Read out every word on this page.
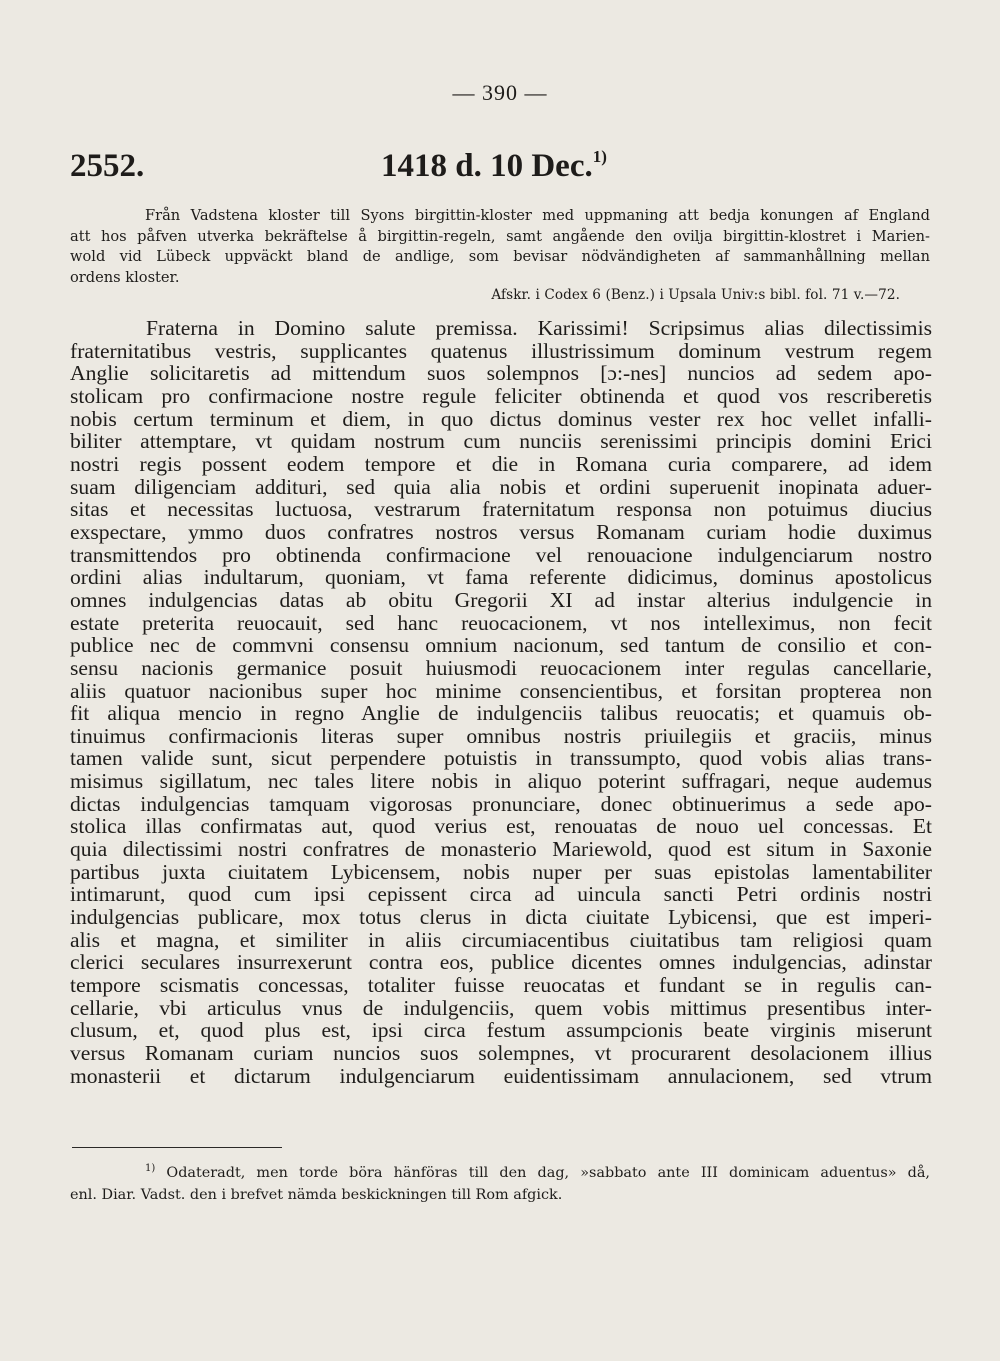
— 390 —
2552.	1418 d. 10 Dec.$^{1)}$
Från Vadstena kloster till Syons birgittin-kloster med uppmaning att bedja konungen af England
att hos påfven utverka bekräftelse å birgittin-regeln, samt angående den ovilja birgittin-klostret i Marien-
wold vid Lübeck uppväckt bland de andlige, som bevisar nödvändigheten af sammanhållning mellan
ordens kloster.
Afskr. i Codex 6 (Benz.) i Upsala Univ:s bibl. fol. 71 v.—72.
Fraterna in Domino salute premissa. Karissimi! Scripsimus alias dilectissimis
fraternitatibus vestris, supplicantes quatenus illustrissimum dominum vestrum regem
Anglie solicitaretis ad mittendum suos solempnos [ɔ:-nes] nuncios ad sedem apo-
stolicam pro confirmacione nostre regule feliciter obtinenda et quod vos rescriberetis
nobis certum terminum et diem, in quo dictus dominus vester rex hoc vellet infalli-
biliter attemptare, vt quidam nostrum cum nunciis serenissimi principis domini Erici
nostri regis possent eodem tempore et die in Romana curia comparere, ad idem
suam diligenciam addituri, sed quia alia nobis et ordini superuenit inopinata aduer-
sitas et necessitas luctuosa, vestrarum fraternitatum responsa non potuimus diucius
exspectare, ymmo duos confratres nostros versus Romanam curiam hodie duximus
transmittendos pro obtinenda confirmacione vel renouacione indulgenciarum nostro
ordini alias indultarum, quoniam, vt fama referente didicimus, dominus apostolicus
omnes indulgencias datas ab obitu Gregorii XI ad instar alterius indulgencie in
estate preterita reuocauit, sed hanc reuocacionem, vt nos intelleximus, non fecit
publice nec de commvni consensu omnium nacionum, sed tantum de consilio et con-
sensu nacionis germanice posuit huiusmodi reuocacionem inter regulas cancellarie,
aliis quatuor nacionibus super hoc minime consencientibus, et forsitan propterea non
fit aliqua mencio in regno Anglie de indulgenciis talibus reuocatis; et quamuis ob-
tinuimus confirmacionis literas super omnibus nostris priuilegiis et graciis, minus
tamen valide sunt, sicut perpendere potuistis in transsumpto, quod vobis alias trans-
misimus sigillatum, nec tales litere nobis in aliquo poterint suffragari, neque audemus
dictas indulgencias tamquam vigorosas pronunciare, donec obtinuerimus a sede apo-
stolica illas confirmatas aut, quod verius est, renouatas de nouo uel concessas. Et
quia dilectissimi nostri confratres de monasterio Mariewold, quod est situm in Saxonie
partibus juxta ciuitatem Lybicensem, nobis nuper per suas epistolas lamentabiliter
intimarunt, quod cum ipsi cepissent circa ad uincula sancti Petri ordinis nostri
indulgencias publicare, mox totus clerus in dicta ciuitate Lybicensi, que est imperi-
alis et magna, et similiter in aliis circumiacentibus ciuitatibus tam religiosi quam
clerici seculares insurrexerunt contra eos, publice dicentes omnes indulgencias, adinstar
tempore scismatis concessas, totaliter fuisse reuocatas et fundant se in regulis can-
cellarie, vbi articulus vnus de indulgenciis, quem vobis mittimus presentibus inter-
clusum, et, quod plus est, ipsi circa festum assumpcionis beate virginis miserunt
versus Romanam curiam nuncios suos solempnes, vt procurarent desolacionem illius
monasterii et dictarum indulgenciarum euidentissimam annulacionem, sed vtrum
$^{1)}$ Odateradt, men torde böra hänföras till den dag, »sabbato ante III dominicam aduentus» då,
enl. Diar. Vadst. den i brefvet nämda beskickningen till Rom afgick.
